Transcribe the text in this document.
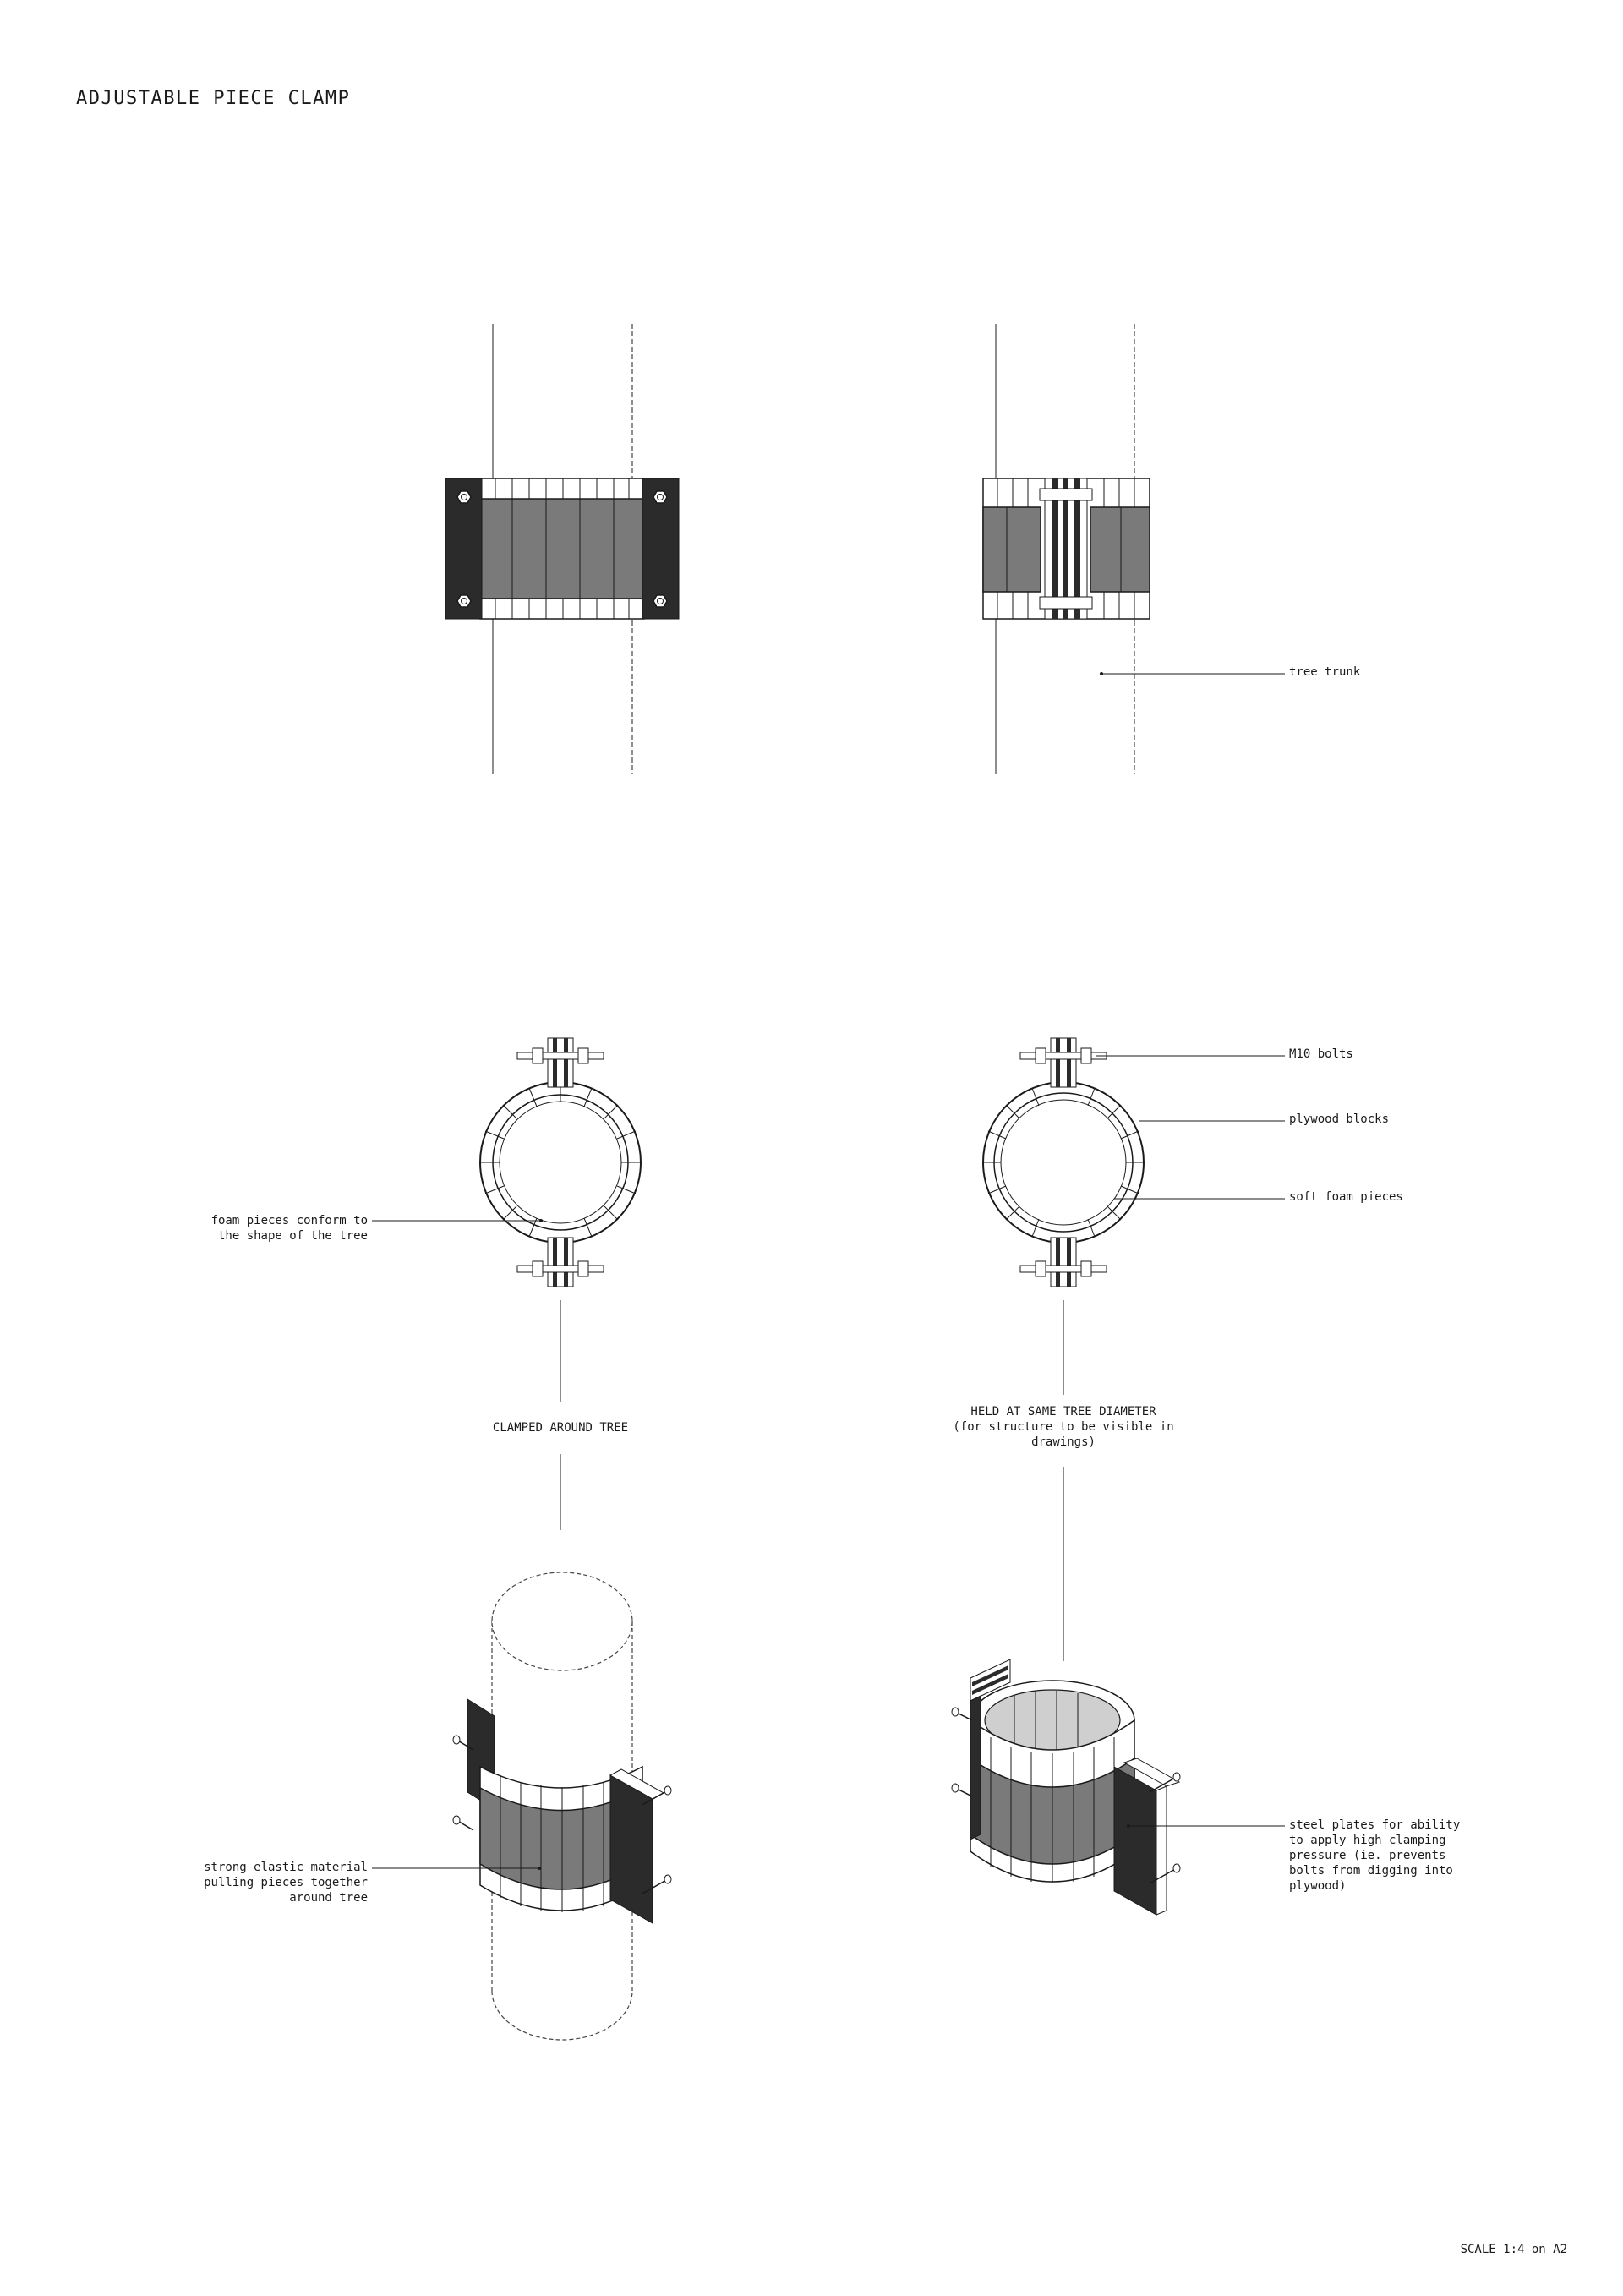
ADJUSTABLE PIECE CLAMP
tree trunk
M10 bolts
plywood blocks
soft foam pieces
foam pieces conform to
the shape of the tree
CLAMPED AROUND TREE
HELD AT SAME TREE DIAMETER
(for structure to be visible in
drawings)
strong elastic material
pulling pieces together
around tree
steel plates for ability
to apply high clamping
pressure (ie. prevents
bolts from digging into
plywood)
SCALE 1:4 on A2
